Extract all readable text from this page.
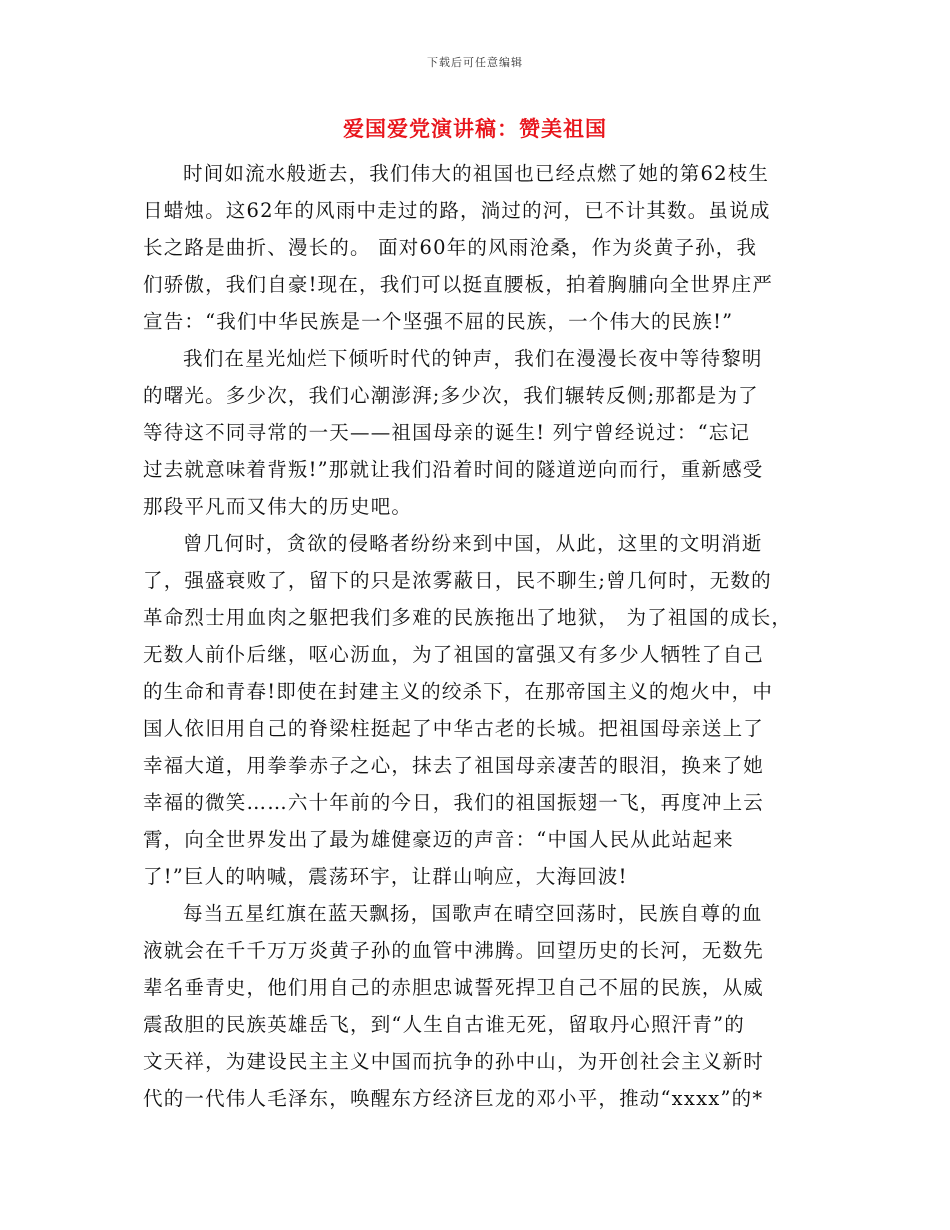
下载后可任意编辑
爱国爱党演讲稿：赞美祖国
时间如流水般逝去，我们伟大的祖国也已经点燃了她的第62枝生
日蜡烛。这62年的风雨中走过的路，淌过的河，已不计其数。虽说成
长之路是曲折、漫长的。 面对60年的风雨沧桑，作为炎黄子孙，我
们骄傲，我们自豪!现在，我们可以挺直腰板，拍着胸脯向全世界庄严
宣告：“我们中华民族是一个坚强不屈的民族，一个伟大的民族!”
我们在星光灿烂下倾听时代的钟声，我们在漫漫长夜中等待黎明
的曙光。多少次，我们心潮澎湃;多少次，我们辗转反侧;那都是为了
等待这不同寻常的一天——祖国母亲的诞生! 列宁曾经说过：“忘记
过去就意味着背叛!”那就让我们沿着时间的隧道逆向而行，重新感受
那段平凡而又伟大的历史吧。
曾几何时，贪欲的侵略者纷纷来到中国，从此，这里的文明消逝
了，强盛衰败了，留下的只是浓雾蔽日，民不聊生;曾几何时，无数的
革命烈士用血肉之躯把我们多难的民族拖出了地狱， 为了祖国的成长，
无数人前仆后继，呕心沥血，为了祖国的富强又有多少人牺牲了自己
的生命和青春!即使在封建主义的绞杀下，在那帝国主义的炮火中，中
国人依旧用自己的脊梁柱挺起了中华古老的长城。把祖国母亲送上了
幸福大道，用拳拳赤子之心，抹去了祖国母亲凄苦的眼泪，换来了她
幸福的微笑……六十年前的今日，我们的祖国振翅一飞，再度冲上云
霄，向全世界发出了最为雄健豪迈的声音：“中国人民从此站起来
了!”巨人的呐喊，震荡环宇，让群山响应，大海回波!
每当五星红旗在蓝天飘扬，国歌声在晴空回荡时，民族自尊的血
液就会在千千万万炎黄子孙的血管中沸腾。回望历史的长河，无数先
辈名垂青史，他们用自己的赤胆忠诚誓死捍卫自己不屈的民族，从威
震敌胆的民族英雄岳飞，到“人生自古谁无死，留取丹心照汗青”的
文天祥，为建设民主主义中国而抗争的孙中山，为开创社会主义新时
代的一代伟人毛泽东，唤醒东方经济巨龙的邓小平，推动“xxxx”的*
